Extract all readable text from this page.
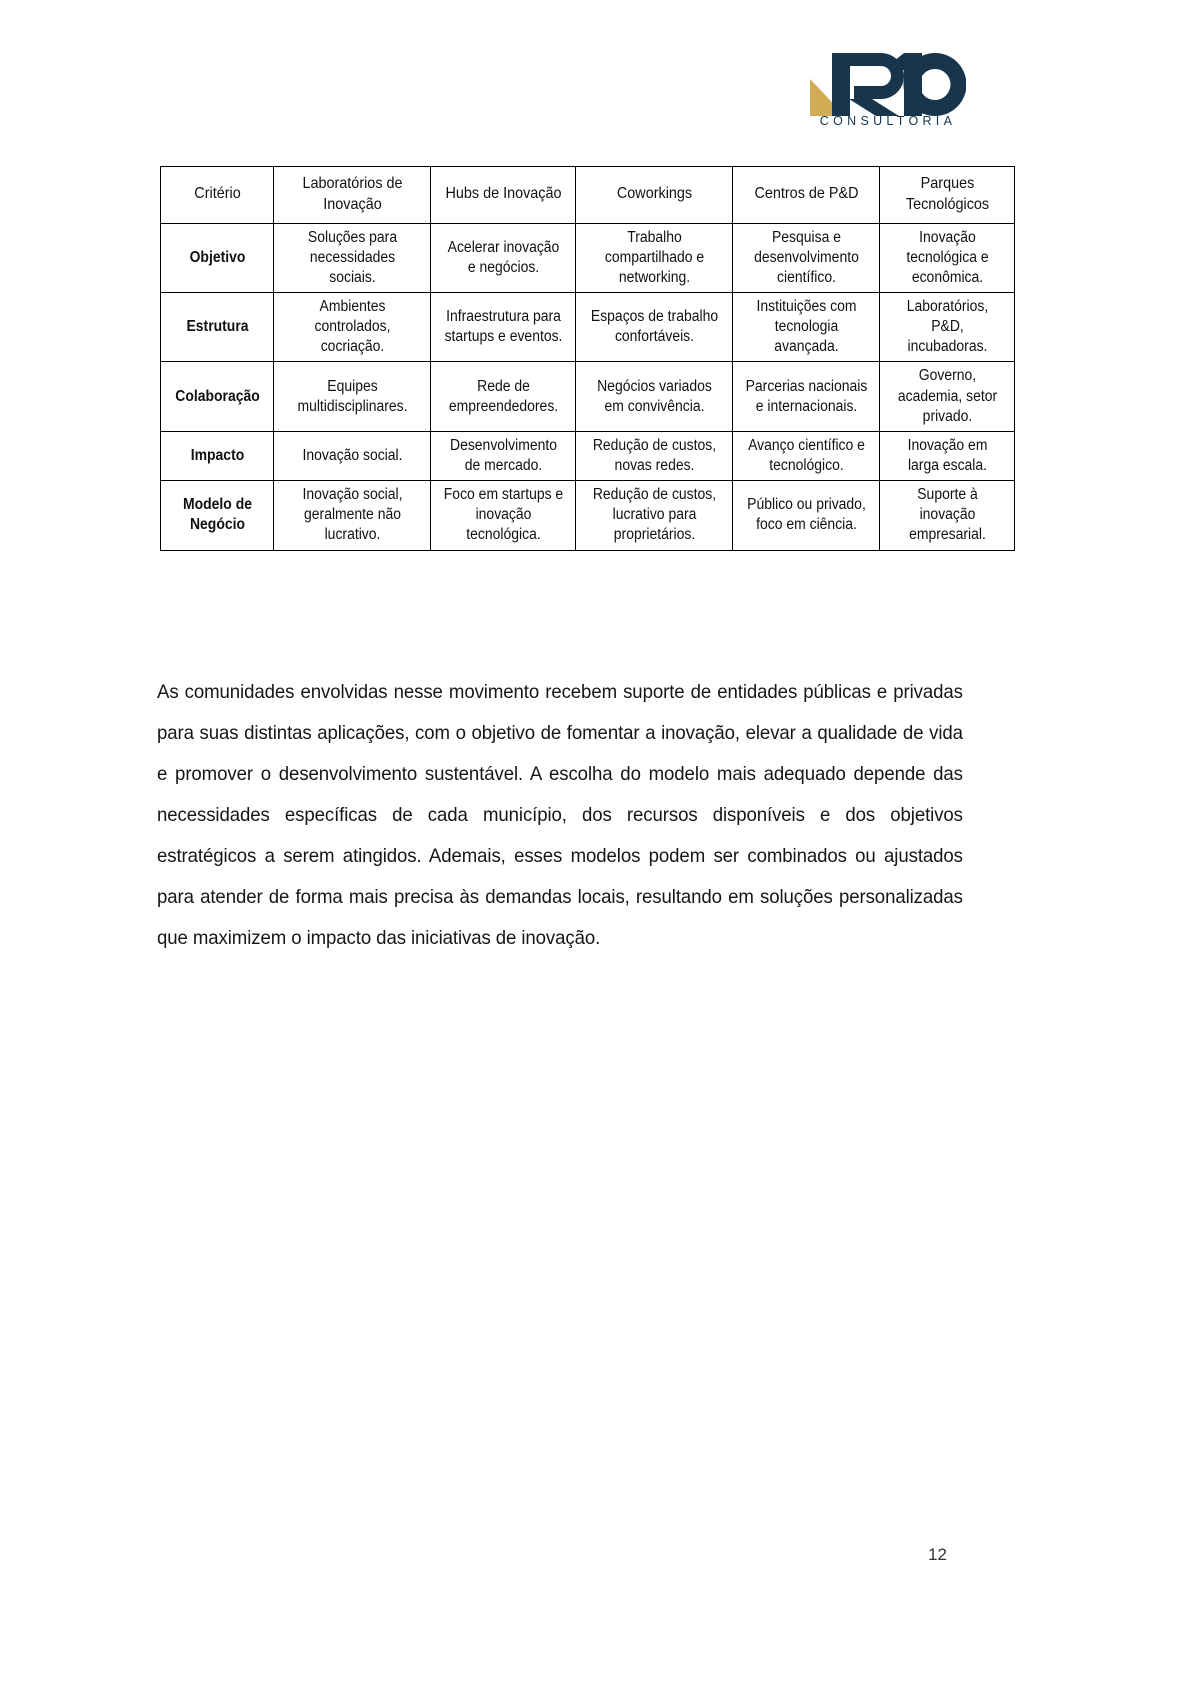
CONSULTORIA
Critério	Laboratórios de Inovação	Hubs de Inovação	Coworkings	Centros de P&D	Parques Tecnológicos
Objetivo	Soluções para necessidades sociais.	Acelerar inovação e negócios.	Trabalho compartilhado e networking.	Pesquisa e desenvolvimento científico.	Inovação tecnológica e econômica.
Estrutura	Ambientes controlados, cocriação.	Infraestrutura para startups e eventos.	Espaços de trabalho confortáveis.	Instituições com tecnologia avançada.	Laboratórios, P&D, incubadoras.
Colaboração	Equipes multidisciplinares.	Rede de empreendedores.	Negócios variados em convivência.	Parcerias nacionais e internacionais.	Governo, academia, setor privado.
Impacto	Inovação social.	Desenvolvimento de mercado.	Redução de custos, novas redes.	Avanço científico e tecnológico.	Inovação em larga escala.
Modelo de Negócio	Inovação social, geralmente não lucrativo.	Foco em startups e inovação tecnológica.	Redução de custos, lucrativo para proprietários.	Público ou privado, foco em ciência.	Suporte à inovação empresarial.

As comunidades envolvidas nesse movimento recebem suporte de entidades públicas e privadas para suas distintas aplicações, com o objetivo de fomentar a inovação, elevar a qualidade de vida e promover o desenvolvimento sustentável. A escolha do modelo mais adequado depende das necessidades específicas de cada município, dos recursos disponíveis e dos objetivos estratégicos a serem atingidos. Ademais, esses modelos podem ser combinados ou ajustados para atender de forma mais precisa às demandas locais, resultando em soluções personalizadas que maximizem o impacto das iniciativas de inovação.

12
